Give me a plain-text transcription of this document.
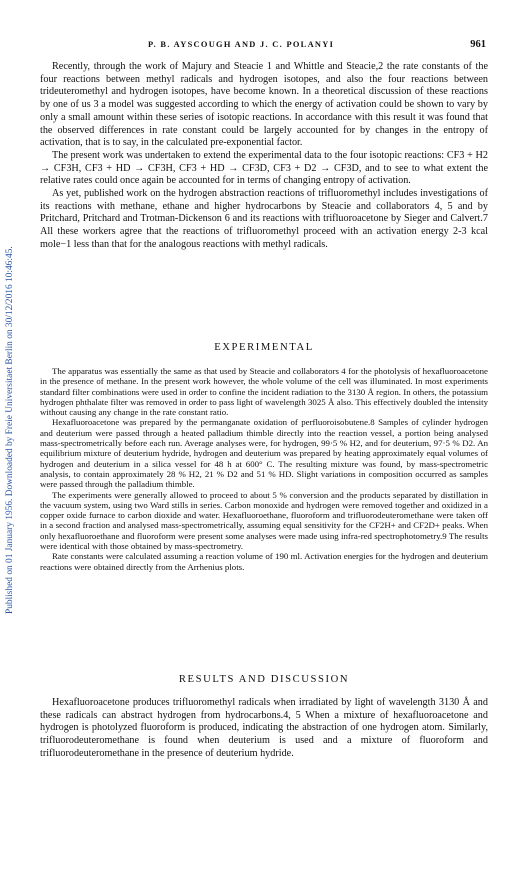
Published on 01 January 1956. Downloaded by Freie Universitaet Berlin on 30/12/2016 10:46:45.
P. B. AYSCOUGH AND J. C. POLANYI	961

Recently, through the work of Majury and Steacie 1 and Whittle and Steacie,2 the rate constants of the four reactions between methyl radicals and hydrogen isotopes, and also the four reactions between trideuteromethyl and hydrogen isotopes, have become known. In a theoretical discussion of these reactions by one of us 3 a model was suggested according to which the energy of activation could be shown to vary by only a small amount within these series of isotopic reactions. In accordance with this result it was found that the observed differences in rate constant could be largely accounted for by changes in the entropy of activation, that is to say, in the calculated pre-exponential factor.

The present work was undertaken to extend the experimental data to the four isotopic reactions: CF3 + H2 → CF3H, CF3 + HD → CF3H, CF3 + HD → CF3D, CF3 + D2 → CF3D, and to see to what extent the relative rates could once again be accounted for in terms of changing entropy of activation.

As yet, published work on the hydrogen abstraction reactions of trifluoromethyl includes investigations of its reactions with methane, ethane and higher hydrocarbons by Steacie and collaborators 4, 5 and by Pritchard, Pritchard and Trotman-Dickenson 6 and its reactions with trifluoroacetone by Sieger and Calvert.7 All these workers agree that the reactions of trifluoromethyl proceed with an activation energy 2-3 kcal mole−1 less than that for the analogous reactions with methyl radicals.

EXPERIMENTAL

The apparatus was essentially the same as that used by Steacie and collaborators 4 for the photolysis of hexafluoroacetone in the presence of methane. In the present work however, the whole volume of the cell was illuminated. In most experiments standard filter combinations were used in order to confine the incident radiation to the 3130 Å region. In others, the potassium hydrogen phthalate filter was removed in order to pass light of wavelength 3025 Å also. This effectively doubled the intensity without causing any change in the rate constant ratio.

Hexafluoroacetone was prepared by the permanganate oxidation of perfluoroisobutene.8 Samples of cylinder hydrogen and deuterium were passed through a heated palladium thimble directly into the reaction vessel, a portion being analysed mass-spectrometrically before each run. Average analyses were, for hydrogen, 99·5 % H2, and for deuterium, 97·5 % D2. An equilibrium mixture of deuterium hydride, hydrogen and deuterium was prepared by heating approximately equal volumes of hydrogen and deuterium in a silica vessel for 48 h at 600° C. The resulting mixture was found, by mass-spectrometric analysis, to contain approximately 28 % H2, 21 % D2 and 51 % HD. Slight variations in composition occurred as samples were passed through the palladium thimble.

The experiments were generally allowed to proceed to about 5 % conversion and the products separated by distillation in the vacuum system, using two Ward stills in series. Carbon monoxide and hydrogen were removed together and oxidized in a copper oxide furnace to carbon dioxide and water. Hexafluoroethane, fluoroform and trifluorodeuteromethane were taken off in a second fraction and analysed mass-spectrometrically, assuming equal sensitivity for the CF2H+ and CF2D+ peaks. When only hexafluoroethane and fluoroform were present some analyses were made using infra-red spectrophotometry.9 The results were identical with those obtained by mass-spectrometry.

Rate constants were calculated assuming a reaction volume of 190 ml. Activation energies for the hydrogen and deuterium reactions were obtained directly from the Arrhenius plots.

RESULTS AND DISCUSSION

Hexafluoroacetone produces trifluoromethyl radicals when irradiated by light of wavelength 3130 Å and these radicals can abstract hydrogen from hydrocarbons.4, 5 When a mixture of hexafluoroacetone and hydrogen is photolyzed fluoroform is produced, indicating the abstraction of one hydrogen atom. Similarly, trifluorodeuteromethane is found when deuterium is used and a mixture of fluoroform and trifluorodeuteromethane in the presence of deuterium hydride.
